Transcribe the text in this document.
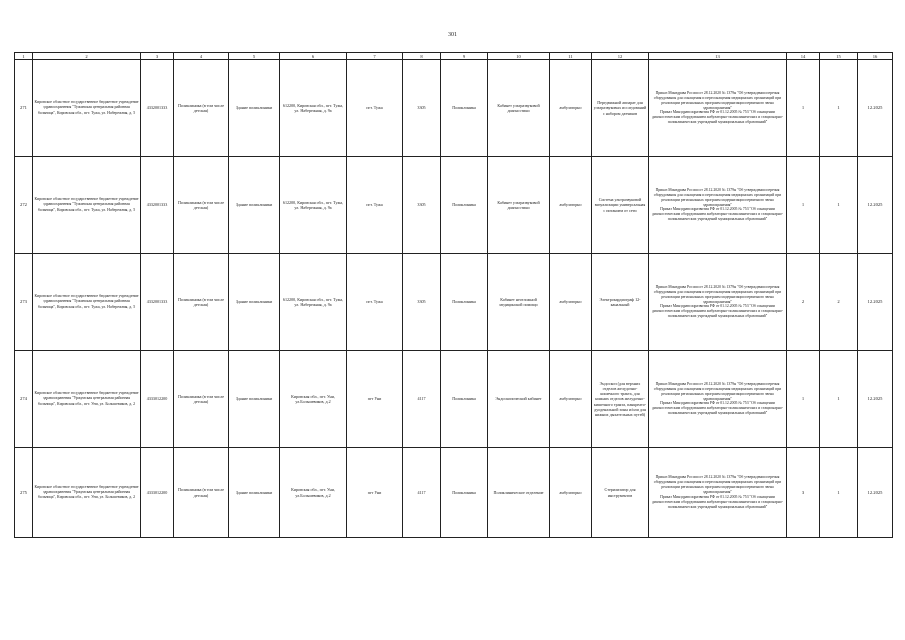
301
1	2	3	4	5	6	7	8	9	10	11	12	13	14	15	16
271	Кировское областное государственное бюджетное учреждение здравоохранения "Тужинская центральная районная больница", Кировская обл., пгт. Тужа, ул. Набережная, д. 5	4332001333	Поликлиника (в том числе детская)	Здание поликлиники	612200, Кировская обл., пгт. Тужа, ул. Набережная, д. 9а	пгт. Тужа	3305	Поликлиника	Кабинет ультразвуковой диагностики	амбулаторно	Передвижной аппарат для ультразвуковых исследований с набором датчиков	Приказ Минздрава России от 28.12.2020 № 1379н "Об утверждении перечня оборудования для оснащения и переоснащения медицинских организаций при реализации региональных программ модернизации первичного звена здравоохранения"
Приказ Минздравсоцразвития РФ от 01.12.2005 № 753 "Об оснащении диагностическим оборудованием амбулаторно-поликлинических и стационарно-поликлинических учреждений муниципальных образований"	1	1	12.2025
272	Кировское областное государственное бюджетное учреждение здравоохранения "Тужинская центральная районная больница", Кировская обл., пгт. Тужа, ул. Набережная, д. 5	4332001333	Поликлиника (в том числе детская)	Здание поликлиники	612200, Кировская обл., пгт. Тужа, ул. Набережная, д. 9а	пгт. Тужа	3305	Поликлиника	Кабинет ультразвуковой диагностики	амбулаторно	Система ультразвуковой визуализации универсальная с питанием от сети	Приказ Минздрава России от 28.12.2020 № 1379н "Об утверждении перечня оборудования для оснащения и переоснащения медицинских организаций при реализации региональных программ модернизации первичного звена здравоохранения"
Приказ Минздравсоцразвития РФ от 01.12.2005 № 753 "Об оснащении диагностическим оборудованием амбулаторно-поликлинических и стационарно-поликлинических учреждений муниципальных образований"	1	1	12.2025
273	Кировское областное государственное бюджетное учреждение здравоохранения "Тужинская центральная районная больница", Кировская обл., пгт. Тужа, ул. Набережная, д. 5	4332001333	Поликлиника (в том числе детская)	Здание поликлиники	612200, Кировская обл., пгт. Тужа, ул. Набережная, д. 9а	пгт. Тужа	3305	Поликлиника	Кабинет неотложной медицинской помощи	амбулаторно	Электрокардиограф 12-канальный	Приказ Минздрава России от 28.12.2020 № 1379н "Об утверждении перечня оборудования для оснащения и переоснащения медицинских организаций при реализации региональных программ модернизации первичного звена здравоохранения"
Приказ Минздравсоцразвития РФ от 01.12.2005 № 753 "Об оснащении диагностическим оборудованием амбулаторно-поликлинических и стационарно-поликлинических учреждений муниципальных образований"	2	2	12.2025
274	Кировское областное государственное бюджетное учреждение здравоохранения "Уржумская центральная районная больница", Кировская обл., пгт. Уни, ул. Большевиков, д. 2	4333012200	Поликлиника (в том числе детская)	Здание поликлиники	Кировская обл., пгт. Уни, ул.Большевиков, д.2	пгт Уни	4117	Поликлиника	Эндоскопический кабинет	амбулаторно	Эндоскоп (для верхних отделов желудочно-кишечного тракта, для нижних отделов желудочно-кишечного тракта, панкреато-дуоденальной зоны и/или для нижних дыхательных путей)	Приказ Минздрава России от 28.12.2020 № 1379н "Об утверждении перечня оборудования для оснащения и переоснащения медицинских организаций при реализации региональных программ модернизации первичного звена здравоохранения"
Приказ Минздравсоцразвития РФ от 01.12.2005 № 753 "Об оснащении диагностическим оборудованием амбулаторно-поликлинических и стационарно-поликлинических учреждений муниципальных образований"	1	1	12.2025
275	Кировское областное государственное бюджетное учреждение здравоохранения "Уржумская центральная районная больница", Кировская обл., пгт. Уни, ул. Большевиков, д. 2	4333012200	Поликлиника (в том числе детская)	Здание поликлиники	Кировская обл., пгт. Уни, ул.Большевиков, д.2	пгт Уни	4117	Поликлиника	Поликлиническое отделение	амбулаторно	Стерилизатор для инструментов	Приказ Минздрава России от 28.12.2020 № 1379н "Об утверждении перечня оборудования для оснащения и переоснащения медицинских организаций при реализации региональных программ модернизации первичного звена здравоохранения"
Приказ Минздравсоцразвития РФ от 01.12.2005 № 753 "Об оснащении диагностическим оборудованием амбулаторно-поликлинических и стационарно-поликлинических учреждений муниципальных образований"	3	1	12.2025
